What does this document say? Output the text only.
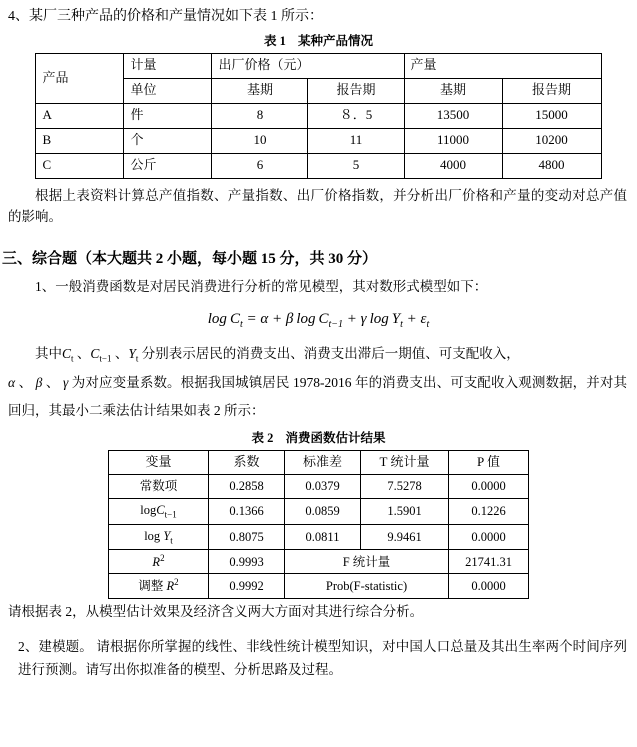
4、某厂三种产品的价格和产量情况如下表 1 所示：
表 1 某种产品情况
产品	计量	出厂价格（元）		产量	
	单位	基期	报告期	基期	报告期
A	件	8	８．5	13500	15000
B	个	10	11	11000	10200
C	公斤	6	5	4000	4800
根据上表资料计算总产值指数、产量指数、出厂价格指数，并分析出厂价格和产量的变动对总产值的影响。
三、综合题（本大题共 2 小题，每小题 15 分，共 30 分）
1、一般消费函数是对居民消费进行分析的常见模型，其对数形式模型如下：
$\log C_t = \alpha + \beta$ $\log C_{t-1} + \gamma$ $\log Y_t + \varepsilon_t$
其中$C_t$ 、$C_{t-1}$ 、$Y_t$ 分别表示居民的消费支出、消费支出滞后一期值、可支配收入，
α 、 β 、 γ 为对应变量系数。根据我国城镇居民 1978-2016 年的消费支出、可支配收入观测数据，并对其回归，其最小二乘法估计结果如表 2 所示：
表 2 消费函数估计结果
变量	系数	标准差	T 统计量	P 值
常数项	0.2858	0.0379	7.5278	0.0000
logC$_{t-1}$	0.1366	0.0859	1.5901	0.1226
$\log Y_t$	0.8075	0.0811	9.9461	0.0000
$R^2$	0.9993	F 统计量		21741.31
调整 $R^2$	0.9992	Prob(F-statistic)		0.0000
请根据表 2，从模型估计效果及经济含义两大方面对其进行综合分析。
2、建模题。 请根据你所掌握的线性、非线性统计模型知识，对中国人口总量及其出生率两个时间序列进行预测。请写出你拟准备的模型、分析思路及过程。
